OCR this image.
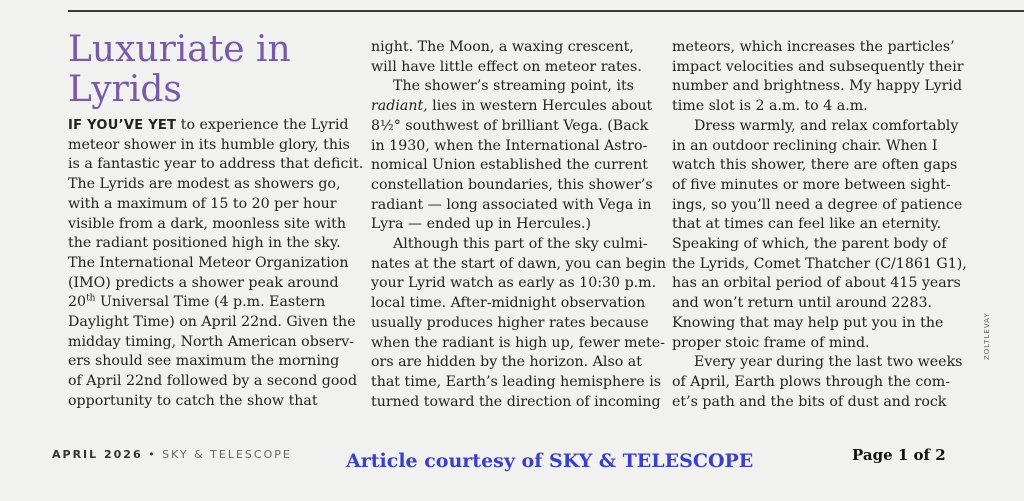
Luxuriate in
Lyrids

IF YOU’VE YET to experience the Lyrid

meteor shower in its humble glory, this

is a fantastic year to address that deficit.

The Lyrids are modest as showers go,

with a maximum of 15 to 20 per hour

visible from a dark, moonless site with

the radiant positioned high in the sky.

The International Meteor Organization

(IMO) predicts a shower peak around

20th Universal Time (4 p.m. Eastern

Daylight Time) on April 22nd. Given the

midday timing, North American observ-

ers should see maximum the morning

of April 22nd followed by a second good

opportunity to catch the show that

night. The Moon, a waxing crescent,

will have little effect on meteor rates.

The shower’s streaming point, its

radiant, lies in western Hercules about

8½° southwest of brilliant Vega. (Back

in 1930, when the International Astro-

nomical Union established the current

constellation boundaries, this shower’s

radiant — long associated with Vega in

Lyra — ended up in Hercules.)

Although this part of the sky culmi-

nates at the start of dawn, you can begin

your Lyrid watch as early as 10:30 p.m.

local time. After-midnight observation

usually produces higher rates because

when the radiant is high up, fewer mete-

ors are hidden by the horizon. Also at

that time, Earth’s leading hemisphere is

turned toward the direction of incoming

meteors, which increases the particles’

impact velocities and subsequently their

number and brightness. My happy Lyrid

time slot is 2 a.m. to 4 a.m.

Dress warmly, and relax comfortably

in an outdoor reclining chair. When I

watch this shower, there are often gaps

of five minutes or more between sight-

ings, so you’ll need a degree of patience

that at times can feel like an eternity.

Speaking of which, the parent body of

the Lyrids, Comet Thatcher (C/1861 G1),

has an orbital period of about 415 years

and won’t return until around 2283.

Knowing that may help put you in the

proper stoic frame of mind.

Every year during the last two weeks

of April, Earth plows through the com-

et’s path and the bits of dust and rock

ZOLTLEVAY
APRIL 2026 • SKY & TELESCOPE	Article courtesy of SKY & TELESCOPE	Page 1 of 2
